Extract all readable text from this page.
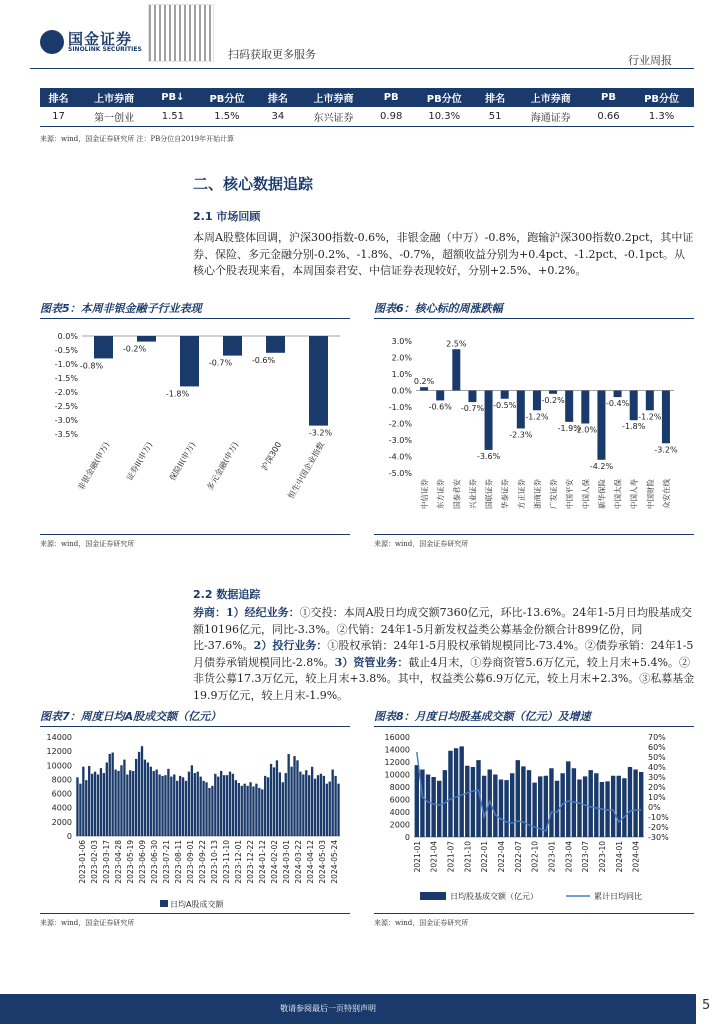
国金证券
SINOLINK SECURITIES	扫码获取更多服务	行业周报
排名	上市券商	PB↓	PB分位	排名	上市券商	PB	PB分位	排名	上市券商	PB	PB分位
17	第一创业	1.51	1.5%	34	东兴证券	0.98	10.3%	51	海通证券	0.66	1.3%
来源：wind，国金证券研究所 注：PB分位自2019年开始计算
二、核心数据追踪
2.1 市场回顾
本周A股整体回调，沪深300指数-0.6%，非银金融（中万）-0.8%，跑输沪深300指数0.2pct，其中证券、保险、多元金融分别-0.2%、-1.8%、-0.7%，超额收益分别为+0.4pct、-1.2pct、-0.1pct。从核心个股表现来看，本周国泰君安、中信证券表现较好，分别+2.5%、+0.2%。
图表5：本周非银金融子行业表现
0.0%
-0.5%
-1.0%
-1.5%
-2.0%
-2.5%
-3.0%
-3.5%
-0.8%
非银金融(申万)
-0.2%
证券II(申万)
-1.8%
保险II(申万)
-0.7%
多元金融(申万)
-0.6%
沪深300
-3.2%
恒生中国企业指数
来源：wind，国金证券研究所
图表6：核心标的周涨跌幅
3.0%
2.0%
1.0%
0.0%
-1.0%
-2.0%
-3.0%
-4.0%
-5.0%
0.2%
中信证券
-0.6%
东方证券
2.5%
国泰君安
-0.7%
兴业证券
-3.6%
国联证券
-0.5%
华泰证券
-2.3%
方正证券
-1.2%
浙商证券
-0.2%
广发证券
-1.9%
中国平安
-2.0%
中国人保
-4.2%
新华保险
-0.4%
中国太保
-1.8%
中国人寿
-1.2%
中国财险
-3.2%
众安在线
来源：wind，国金证券研究所
2.2 数据追踪
券商：1）经纪业务：①交投：本周A股日均成交额7360亿元，环比-13.6%。24年1-5月日均股基成交额10196亿元，同比-3.3%。②代销：24年1-5月新发权益类公募基金份额合计899亿份，同比-37.6%。2）投行业务：①股权承销：24年1-5月股权承销规模同比-73.4%。②债券承销：24年1-5月债券承销规模同比-2.8%。3）资管业务：截止4月末，①券商资管5.6万亿元，较上月末+5.4%。②非货公募17.3万亿元，较上月末+3.8%。其中，权益类公募6.9万亿元，较上月末+2.3%。③私募基金19.9万亿元，较上月末-1.9%。
图表7：周度日均A股成交额（亿元）
14000
12000
10000
8000
6000
4000
2000
0
2023-01-06 2023-02-03 2023-03-17 2023-04-28 2023-05-19 2023-06-09 2023-06-30 2023-07-21 2023-08-11 2023-09-01 2023-09-22 2023-10-13 2023-11-10 2023-12-01 2023-12-22 2024-01-12 2024-02-02 2024-03-01 2024-03-22 2024-04-12 2024-05-03 2024-05-24
日均A股成交额
来源：wind，国金证券研究所
图表8：月度日均股基成交额（亿元）及增速
16000
14000
12000
10000
8000
6000
4000
2000
0
70%
60%
50%
40%
30%
20%
10%
0%
-10%
-20%
-30%
2021-01 2021-04 2021-07 2021-10 2022-01 2022-04 2022-07 2022-10 2023-01 2023-04 2023-07 2023-10 2024-01 2024-04
日均股基成交额（亿元）	累计日均同比
来源：wind，国金证券研究所
敬请参阅最后一页特别声明	5
